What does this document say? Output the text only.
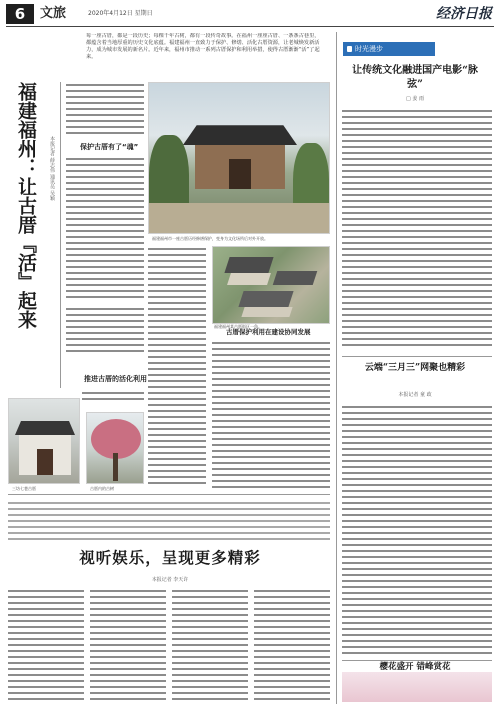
6	文旅	2020年4月12日 星期日	经济日报
每一座古厝，都是一段历史；每棵千年古树，都有一段传奇故事。在福州一座座古厝、一条条古巷里，都蕴含着当地厚重的历史文化底蕴。福建福州一直致力于保护、修缮、活化古厝资源，让老城焕发新活力，成为城市发展的新名片。近年来，福州市推动一系列古厝保护和利用举措，使得古厝渐渐“活”了起来。
福建福州：让古厝『活』起来 本报记者 薛志伟 通讯员 吴颖	保护古厝有了“魂”
推进古厝的活化利用
古厝保护利用在建设协同发展
福建福州市一座古厝历经修缮保护，变身为文化场所后对外开放。
福建福州某古厝街区一角。
三坊七巷古厝	古厝内的古树
视听娱乐，呈现更多精彩
本报记者 李天许
时光漫步
让传统文化融进国产电影“脉弦”
□ 姜 雨
云端“三月三”网聚也精彩
本报记者 童 政
樱花盛开 错峰赏花
